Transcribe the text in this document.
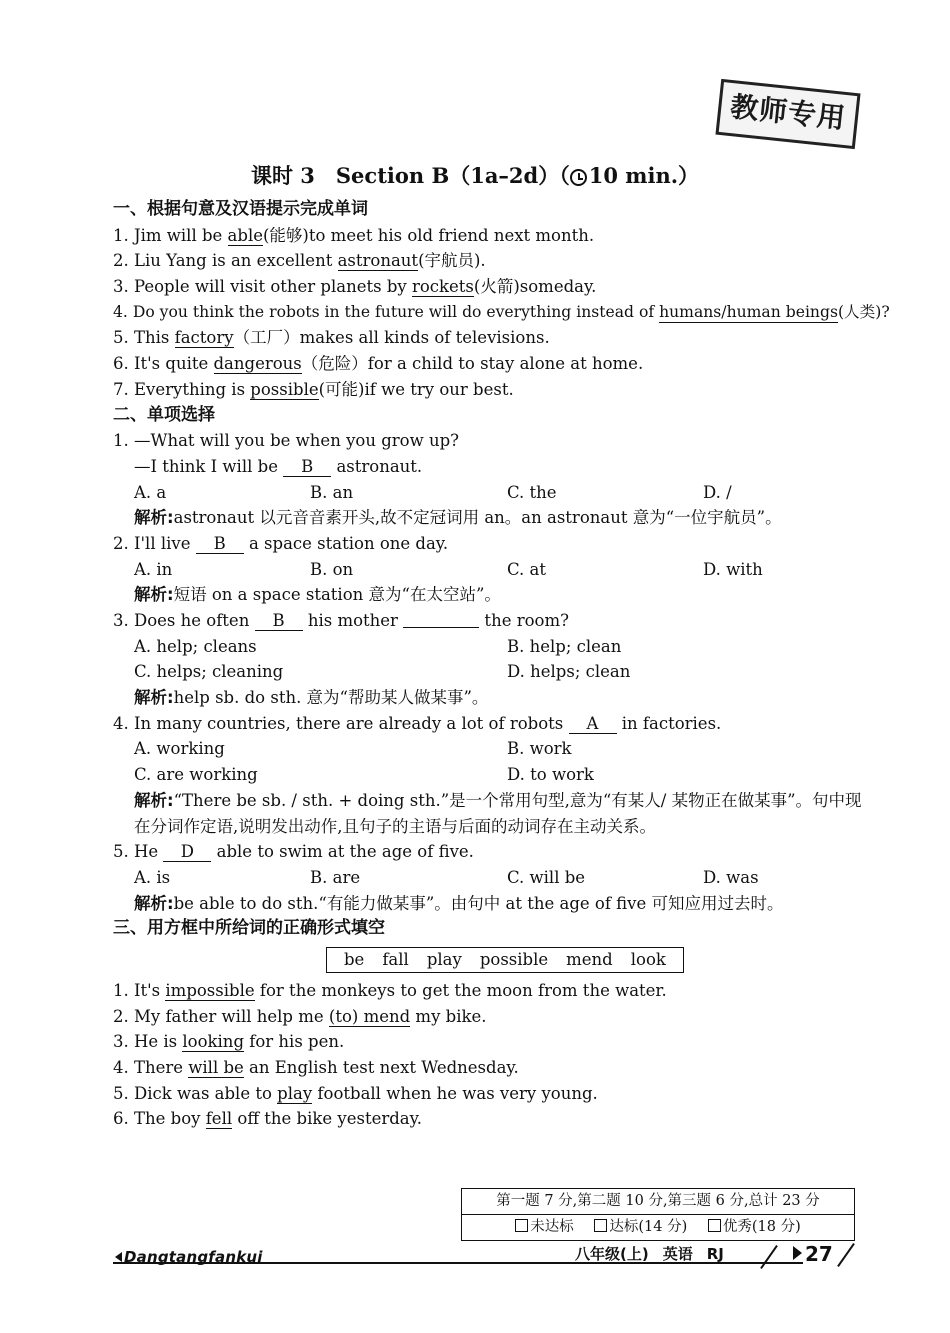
教师专用
课时 3　Section B（1a–2d）（ 10 min.）
一、根据句意及汉语提示完成单词
1. Jim will be able(能够)to meet his old friend next month.
2. Liu Yang is an excellent astronaut(宇航员).
3. People will visit other planets by rockets(火箭)someday.
4. Do you think the robots in the future will do everything instead of humans/human beings(人类)?
5. This factory（工厂）makes all kinds of televisions.
6. It's quite dangerous（危险）for a child to stay alone at home.
7. Everything is possible(可能)if we try our best.
二、单项选择
1. —What will you be when you grow up?
—I think I will be B astronaut.
A. a	B. an	C. the	D. /
解析:astronaut 以元音音素开头,故不定冠词用 an。an astronaut 意为“一位宇航员”。
2. I'll live B a space station one day.
A. in	B. on	C. at	D. with
解析:短语 on a space station 意为“在太空站”。
3. Does he often B his mother	the room?
A. help; cleans	B. help; clean
C. helps; cleaning	D. helps; clean
解析:help sb. do sth. 意为“帮助某人做某事”。
4. In many countries, there are already a lot of robots A in factories.
A. working	B. work
C. are working	D. to work
解析:“There be sb. / sth. + doing sth.”是一个常用句型,意为“有某人/ 某物正在做某事”。句中现在分词作定语,说明发出动作,且句子的主语与后面的动词存在主动关系。
5. He D able to swim at the age of five.
A. is	B. are	C. will be	D. was
解析:be able to do sth.“有能力做某事”。由句中 at the age of five 可知应用过去时。
三、用方框中所给词的正确形式填空
be fall play possible mend look
1. It's impossible for the monkeys to get the moon from the water.
2. My father will help me (to) mend my bike.
3. He is looking for his pen.
4. There will be an English test next Wednesday.
5. Dick was able to play football when he was very young.
6. The boy fell off the bike yesterday.
第一题 7 分,第二题 10 分,第三题 6 分,总计 23 分
未达标 达标(14 分) 优秀(18 分)
Dangtangfankui	八年级(上) 英语 RJ	27
